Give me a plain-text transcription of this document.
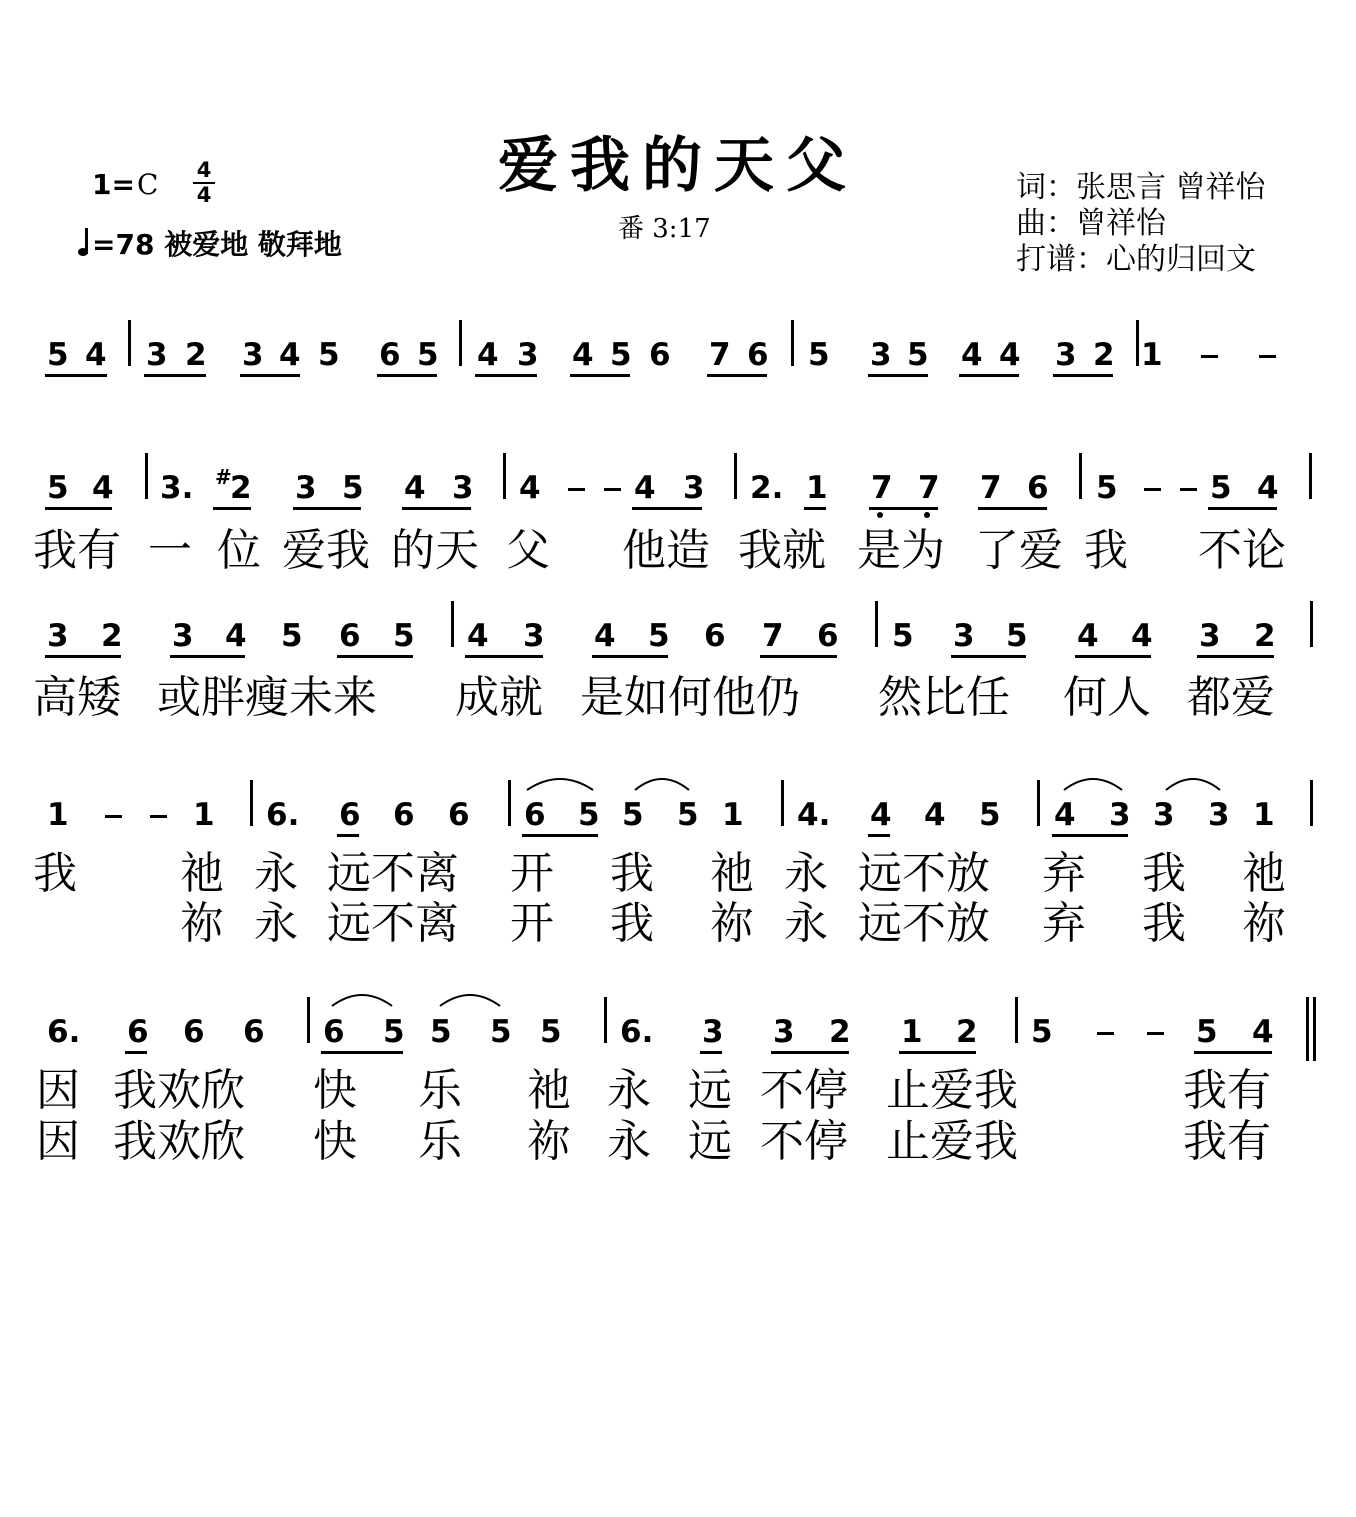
爱我的天父
1=C 4
4
=78 被爱地 敬拜地	番 3:17
词：张思言 曾祥怡
曲：曾祥怡
打谱：心的归回文
5 4 3 2 3 4 5 6 5 4 3 4 5 6 7 6 5 3 5 4 4 3 2 1
5 4 3. #
2 3 5 4 3 4	4 3 2. 1 7 7 7 6 5	5 4
我有 一 位 爱我 的天 父 他造 我就 是为 了爱 我 不论
3 2 3 4 5 6 5 4 3 4 5 6 7 6 5 3 5 4 4 3 2
高矮 或胖瘦未来 成就 是如何他仍 然比任 何人 都爱
1	1 6. 6 6 6 6 5 5 5 1 4. 4 4 5 4 3 3 3 1
我 祂 永 远不离 开 我 祂 永 远不放 弃 我 祂
祢 永 远不离 开 我 祢 永 远不放 弃 我 祢
6. 6 6 6 6 5 5 5 5 6. 3 3 2 1 2 5	5 4
因 我欢欣 快 乐 祂 永 远 不停 止爱我	我有
因 我欢欣 快 乐 祢 永 远 不停 止爱我	我有
